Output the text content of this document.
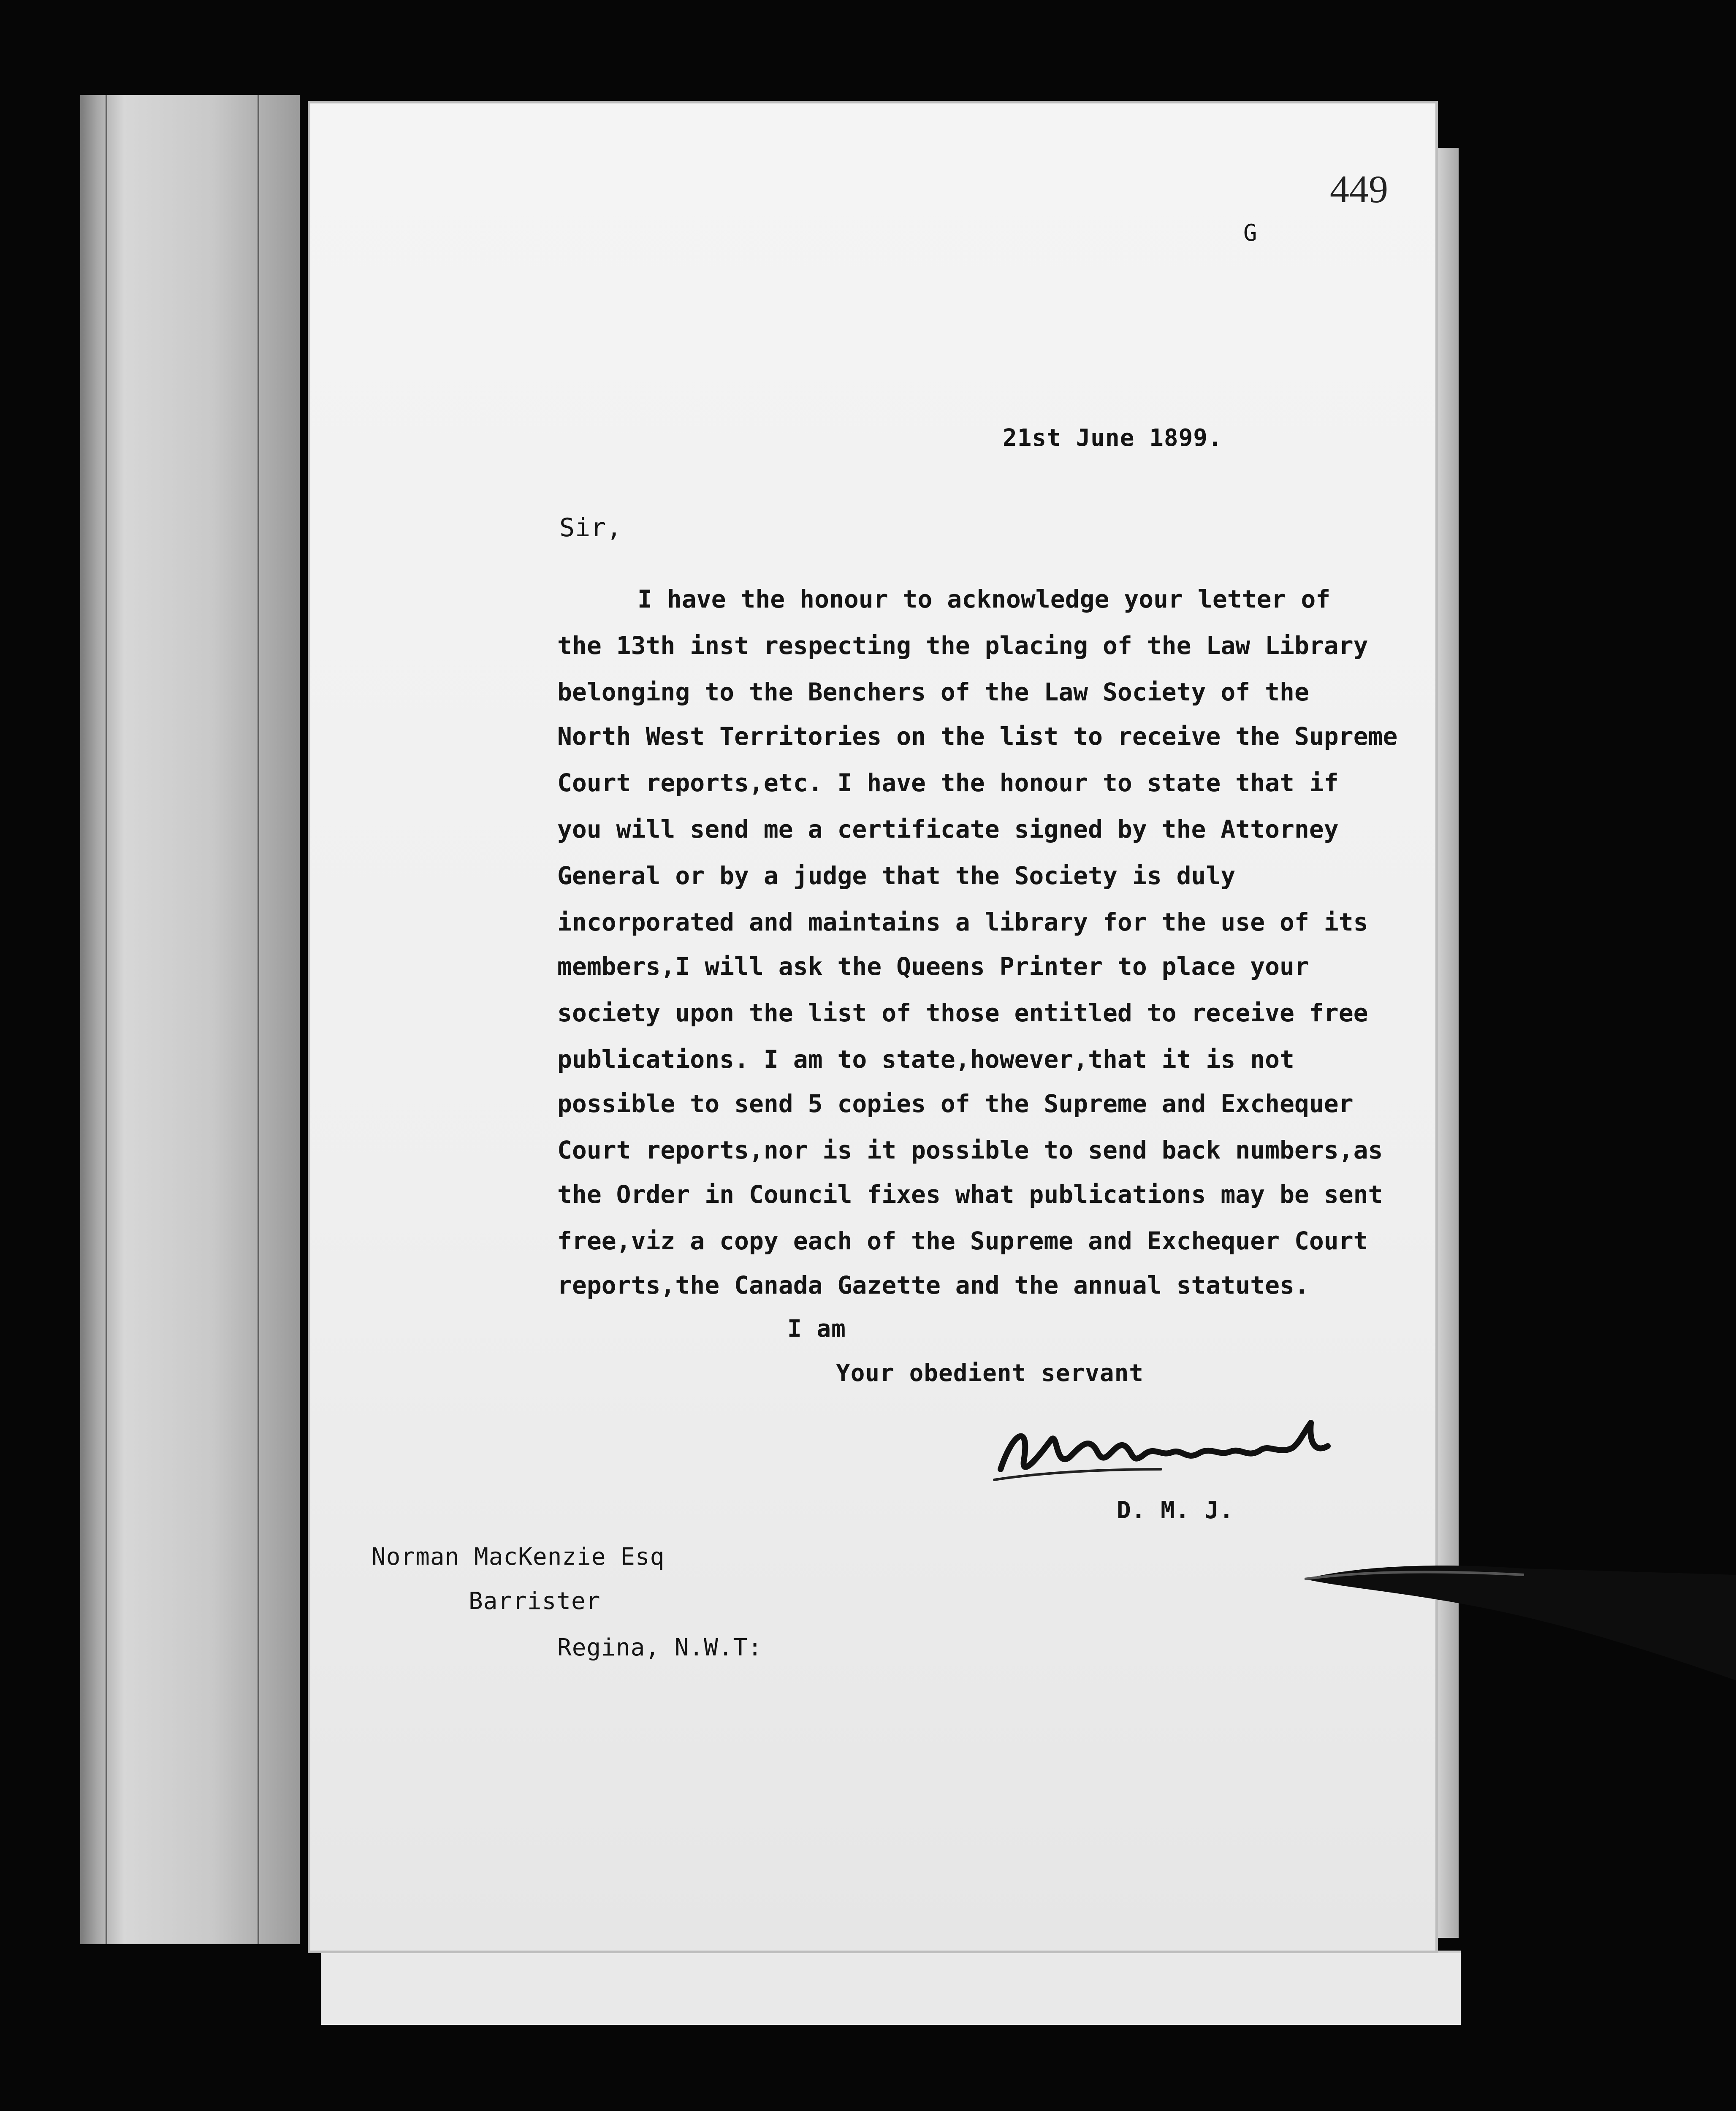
449
G
21st June 1899.
Sir,
I have the honour to acknowledge your letter of
the 13th inst respecting the placing of the Law Library
belonging to the Benchers of the Law Society of the
North West Territories on the list to receive the Supreme
Court reports,etc. I have the honour to state that if
you will send me a certificate signed by the Attorney
General or by a judge that the Society is duly
incorporated and maintains a library for the use of its
members,I will ask the Queens Printer to place your
society upon the list of those entitled to receive free
publications. I am to state,however,that it is not
possible to send 5 copies of the Supreme and Exchequer
Court reports,nor is it possible to send back numbers,as
the Order in Council fixes what publications may be sent
free,viz a copy each of the Supreme and Exchequer Court
reports,the Canada Gazette and the annual statutes.
I am
Your obedient servant
D. M. J.
Norman MacKenzie Esq
Barrister
Regina, N.W.T:
